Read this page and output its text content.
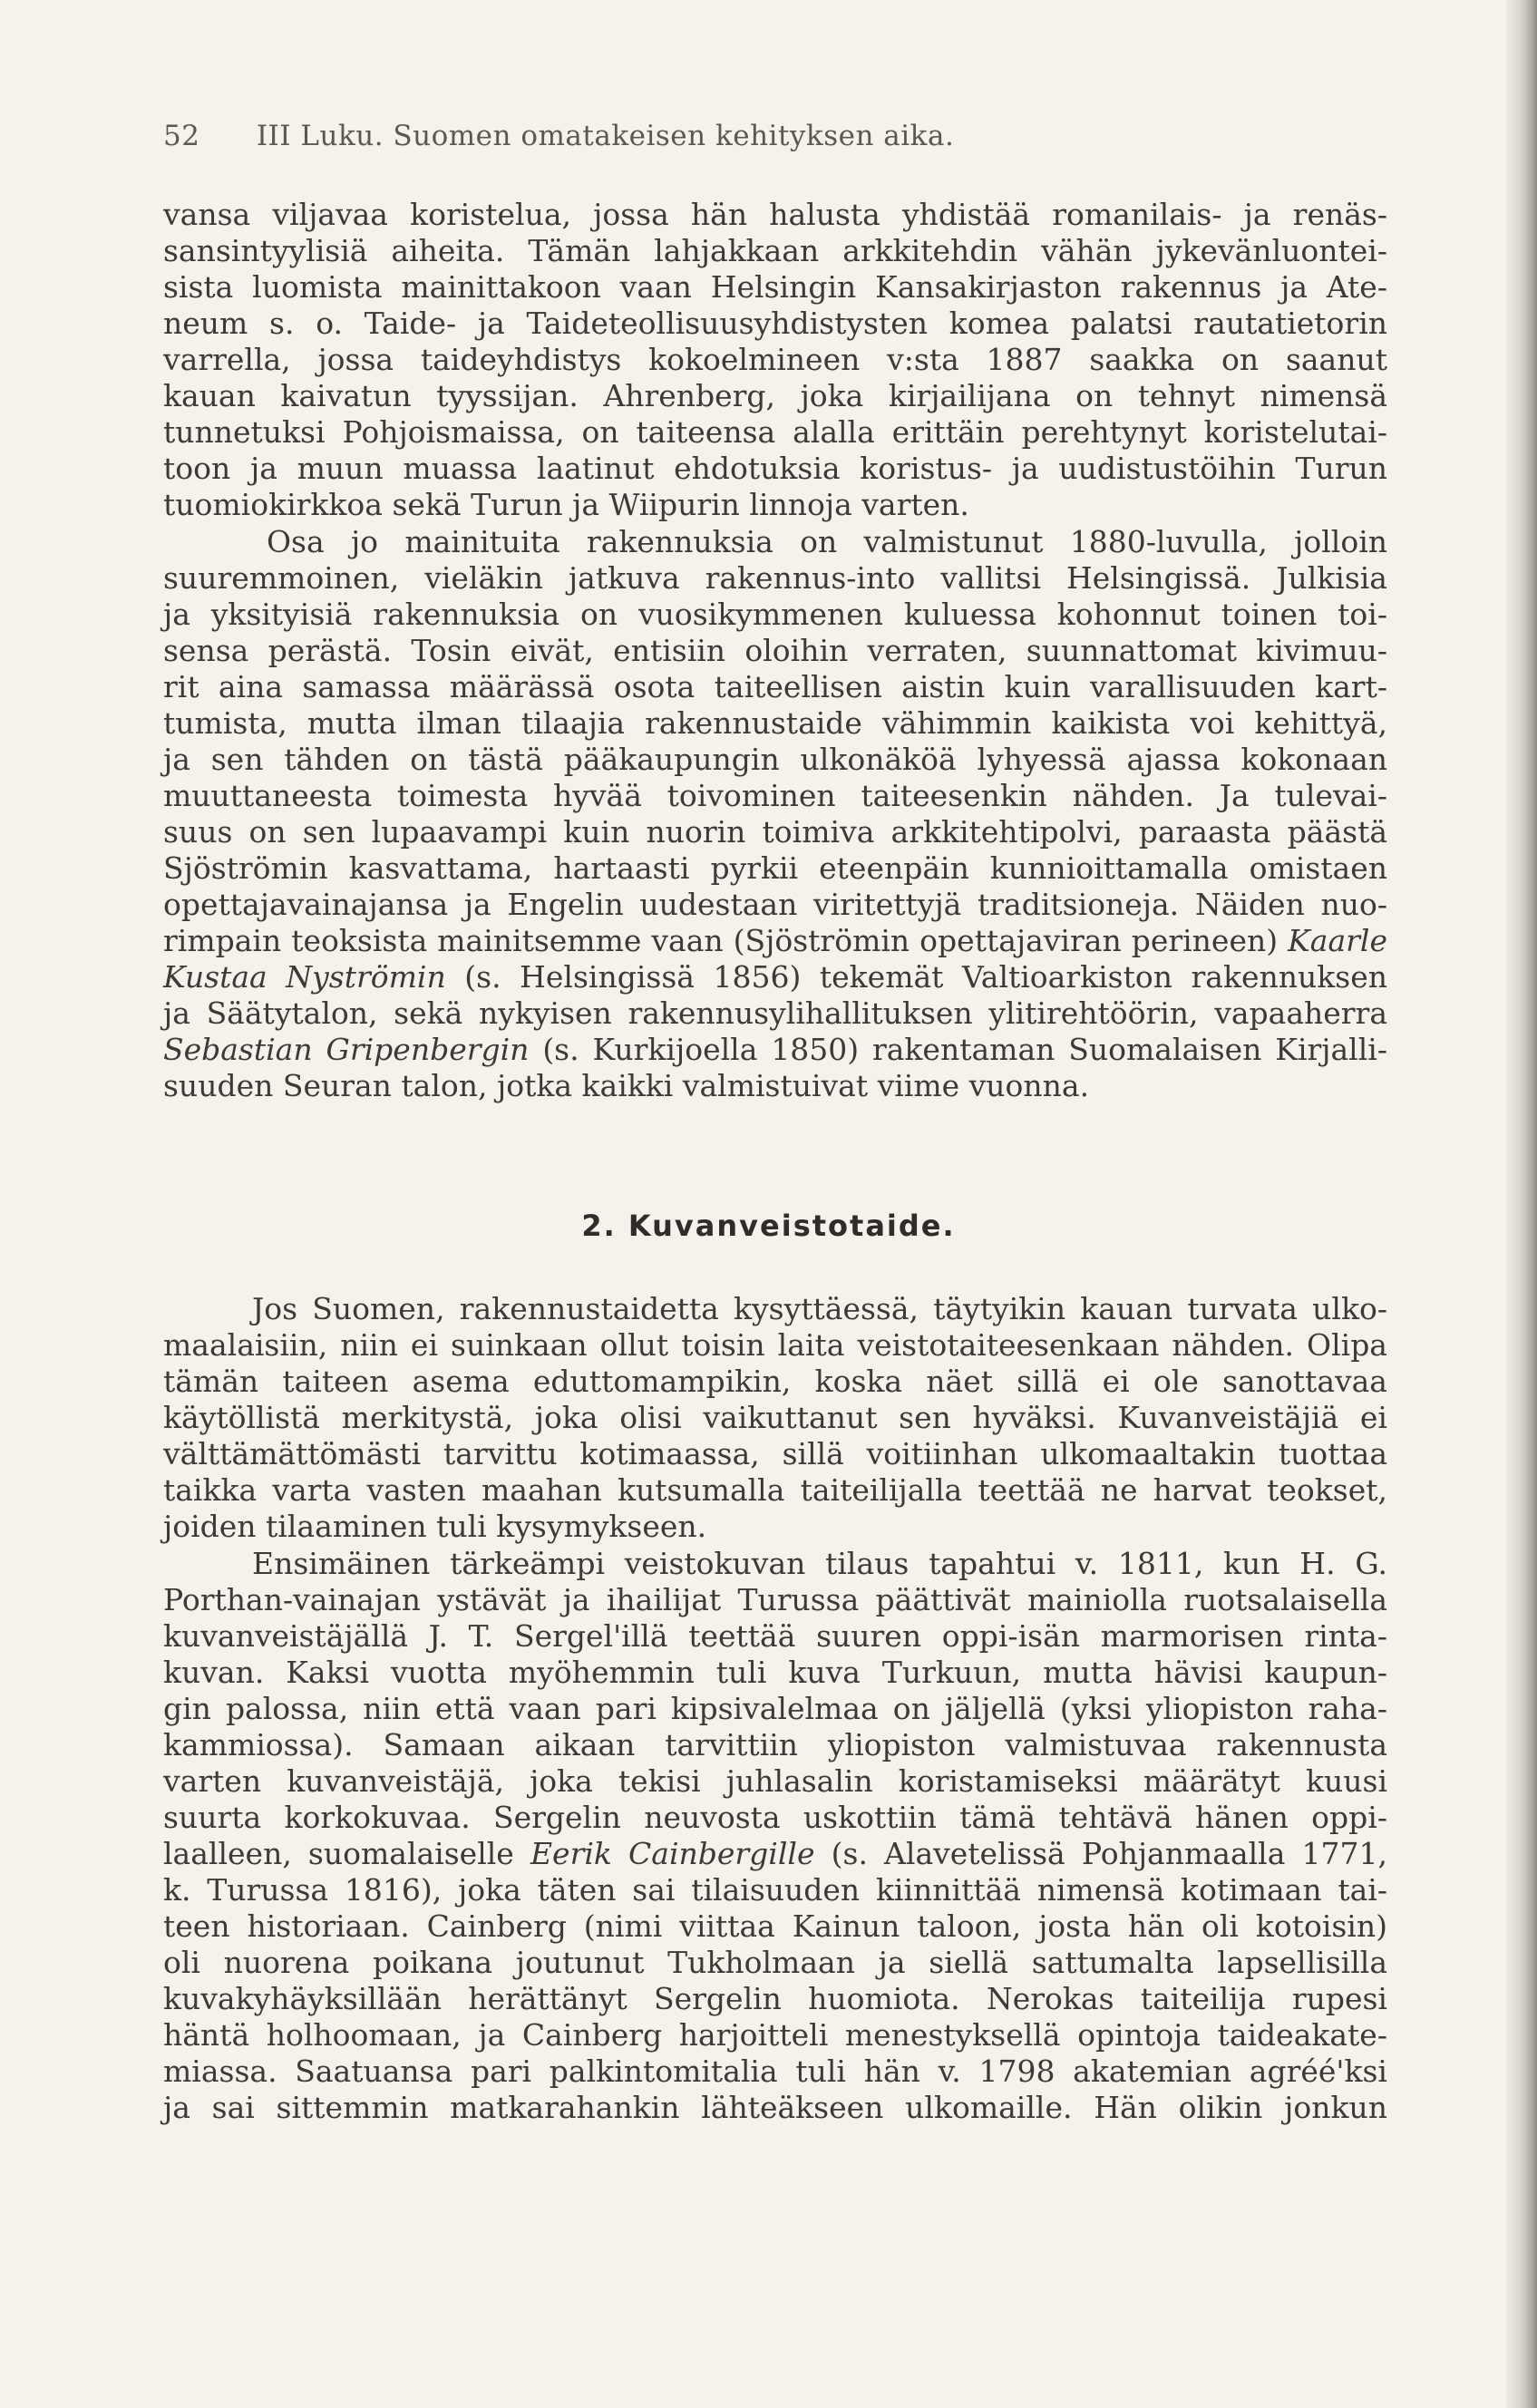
52 III Luku. Suomen omatakeisen kehityksen aika.
vansa viljavaa koristelua, jossa hän halusta yhdistää romanilais- ja renäs-
sansintyylisiä aiheita. Tämän lahjakkaan arkkitehdin vähän jykevänluontei-
sista luomista mainittakoon vaan Helsingin Kansakirjaston rakennus ja Ate-
neum s. o. Taide- ja Taideteollisuusyhdistysten komea palatsi rautatietorin
varrella, jossa taideyhdistys kokoelmineen v:sta 1887 saakka on saanut
kauan kaivatun tyyssijan. Ahrenberg, joka kirjailijana on tehnyt nimensä
tunnetuksi Pohjoismaissa, on taiteensa alalla erittäin perehtynyt koristelutai-
toon ja muun muassa laatinut ehdotuksia koristus- ja uudistustöihin Turun
tuomiokirkkoa sekä Turun ja Wiipurin linnoja varten.
Osa jo mainituita rakennuksia on valmistunut 1880-luvulla, jolloin
suuremmoinen, vieläkin jatkuva rakennus-into vallitsi Helsingissä. Julkisia
ja yksityisiä rakennuksia on vuosikymmenen kuluessa kohonnut toinen toi-
sensa perästä. Tosin eivät, entisiin oloihin verraten, suunnattomat kivimuu-
rit aina samassa määrässä osota taiteellisen aistin kuin varallisuuden kart-
tumista, mutta ilman tilaajia rakennustaide vähimmin kaikista voi kehittyä,
ja sen tähden on tästä pääkaupungin ulkonäköä lyhyessä ajassa kokonaan
muuttaneesta toimesta hyvää toivominen taiteesenkin nähden. Ja tulevai-
suus on sen lupaavampi kuin nuorin toimiva arkkitehtipolvi, paraasta päästä
Sjöströmin kasvattama, hartaasti pyrkii eteenpäin kunnioittamalla omistaen
opettajavainajansa ja Engelin uudestaan viritettyjä traditsioneja. Näiden nuo-
rimpain teoksista mainitsemme vaan (Sjöströmin opettajaviran perineen) Kaarle
Kustaa Nyströmin (s. Helsingissä 1856) tekemät Valtioarkiston rakennuksen
ja Säätytalon, sekä nykyisen rakennusylihallituksen ylitirehtöörin, vapaaherra
Sebastian Gripenbergin (s. Kurkijoella 1850) rakentaman Suomalaisen Kirjalli-
suuden Seuran talon, jotka kaikki valmistuivat viime vuonna.
2. Kuvanveistotaide.
Jos Suomen, rakennustaidetta kysyttäessä, täytyikin kauan turvata ulko-
maalaisiin, niin ei suinkaan ollut toisin laita veistotaiteesenkaan nähden. Olipa
tämän taiteen asema eduttomampikin, koska näet sillä ei ole sanottavaa
käytöllistä merkitystä, joka olisi vaikuttanut sen hyväksi. Kuvanveistäjiä ei
välttämättömästi tarvittu kotimaassa, sillä voitiinhan ulkomaaltakin tuottaa
taikka varta vasten maahan kutsumalla taiteilijalla teettää ne harvat teokset,
joiden tilaaminen tuli kysymykseen.
Ensimäinen tärkeämpi veistokuvan tilaus tapahtui v. 1811, kun H. G.
Porthan-vainajan ystävät ja ihailijat Turussa päättivät mainiolla ruotsalaisella
kuvanveistäjällä J. T. Sergel'illä teettää suuren oppi-isän marmorisen rinta-
kuvan. Kaksi vuotta myöhemmin tuli kuva Turkuun, mutta hävisi kaupun-
gin palossa, niin että vaan pari kipsivalelmaa on jäljellä (yksi yliopiston raha-
kammiossa). Samaan aikaan tarvittiin yliopiston valmistuvaa rakennusta
varten kuvanveistäjä, joka tekisi juhlasalin koristamiseksi määrätyt kuusi
suurta korkokuvaa. Sergelin neuvosta uskottiin tämä tehtävä hänen oppi-
laalleen, suomalaiselle Eerik Cainbergille (s. Alavetelissä Pohjanmaalla 1771,
k. Turussa 1816), joka täten sai tilaisuuden kiinnittää nimensä kotimaan tai-
teen historiaan. Cainberg (nimi viittaa Kainun taloon, josta hän oli kotoisin)
oli nuorena poikana joutunut Tukholmaan ja siellä sattumalta lapsellisilla
kuvakyhäyksillään herättänyt Sergelin huomiota. Nerokas taiteilija rupesi
häntä holhoomaan, ja Cainberg harjoitteli menestyksellä opintoja taideakate-
miassa. Saatuansa pari palkintomitalia tuli hän v. 1798 akatemian agréé'ksi
ja sai sittemmin matkarahankin lähteäkseen ulkomaille. Hän olikin jonkun
